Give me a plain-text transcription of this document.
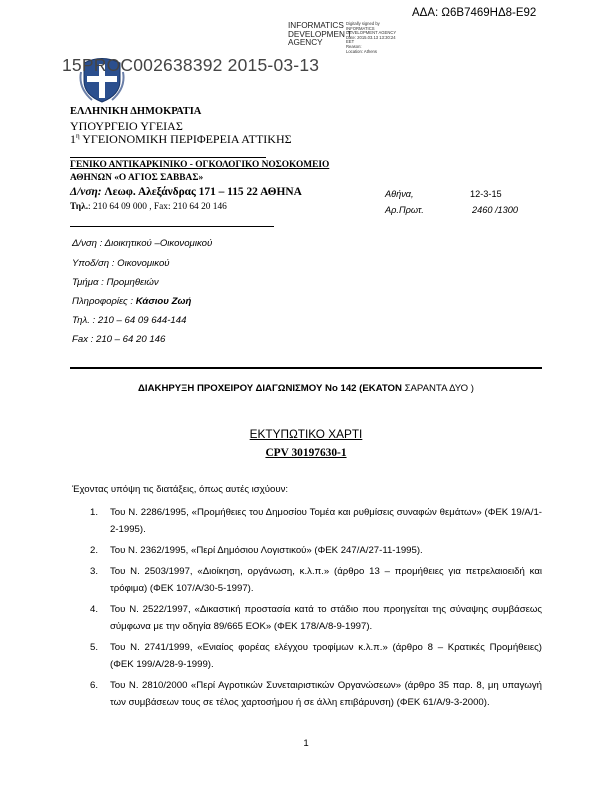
ΑΔΑ: Ω6Β7469ΗΔ8-Ε92
INFORMATICS DEVELOPMEN T AGENCY
Digitally signed by INFORMATICS
DEVELOPMENT AGENCY
Date: 2015.03.13 13:30:24
EET
Reason:
Location: Athens
15PROC002638392 2015-03-13
ΕΛΛΗΝΙΚΗ ΔΗΜΟΚΡΑΤΙΑ
ΥΠΟΥΡΓΕΙΟ ΥΓΕΙΑΣ
$1^\eta$ ΥΓΕΙΟΝΟΜΙΚΗ ΠΕΡΙΦΕΡΕΙΑ ΑΤΤΙΚΗΣ
ΓΕΝΙΚΟ ΑΝΤΙΚΑΡΚΙΝΙΚΟ - ΟΓΚΟΛΟΓΙΚΟ ΝΟΣΟΚΟΜΕΙΟ
ΑΘΗΝΩΝ «Ο ΑΓΙΟΣ ΣΑΒΒΑΣ»
Δ/νση: Λεωφ. Αλεξάνδρας 171 – 115 22 ΑΘΗΝΑ	Αθήνα,	12-3-15
Τηλ.: 210 64 09 000 , Fax: 210 64 20 146	Αρ.Πρωτ.	2460 /1300
Δ/νση : Διοικητικού –Οικονομικού
Υποδ/ση : Οικονομικού
Τμήμα : Προμηθειών
Πληροφορίες : Κάσιου Ζωή
Τηλ. : 210 – 64 09 644-144
Fax : 210 – 64 20 146
ΔΙΑΚΗΡΥΞΗ ΠΡΟΧΕΙΡΟΥ ΔΙΑΓΩΝΙΣΜΟΥ Νο 142 (ΕΚΑΤΟΝ ΣΑΡΑΝΤΑ ΔΥΟ )
ΕΚΤΥΠΩΤΙΚΟ ΧΑΡΤΙ
CPV 30197630-1
Έχοντας υπόψη τις διατάξεις, όπως αυτές ισχύουν:
1. Του Ν. 2286/1995, «Προμήθειες του Δημοσίου Τομέα και ρυθμίσεις συναφών θεμάτων» (ΦΕΚ 19/Α/1-2-1995).
2. Του Ν. 2362/1995, «Περί Δημόσιου Λογιστικού» (ΦΕΚ 247/Α/27-11-1995).
3. Του Ν. 2503/1997, «Διοίκηση, οργάνωση, κ.λ.π.» (άρθρο 13 – προμήθειες για πετρελαιοειδή και τρόφιμα) (ΦΕΚ 107/Α/30-5-1997).
4. Του Ν. 2522/1997, «Δικαστική προστασία κατά το στάδιο που προηγείται της σύναψης συμβάσεως σύμφωνα με την οδηγία 89/665 ΕΟΚ» (ΦΕΚ 178/Α/8-9-1997).
5. Του Ν. 2741/1999, «Ενιαίος φορέας ελέγχου τροφίμων κ.λ.π.» (άρθρο 8 – Κρατικές Προμήθειες) (ΦΕΚ 199/Α/28-9-1999).
6. Του Ν. 2810/2000 «Περί Αγροτικών Συνεταιριστικών Οργανώσεων» (άρθρο 35 παρ. 8, μη υπαγωγή των συμβάσεων τους σε τέλος χαρτοσήμου ή σε άλλη επιβάρυνση) (ΦΕΚ 61/Α/9-3-2000).
1
